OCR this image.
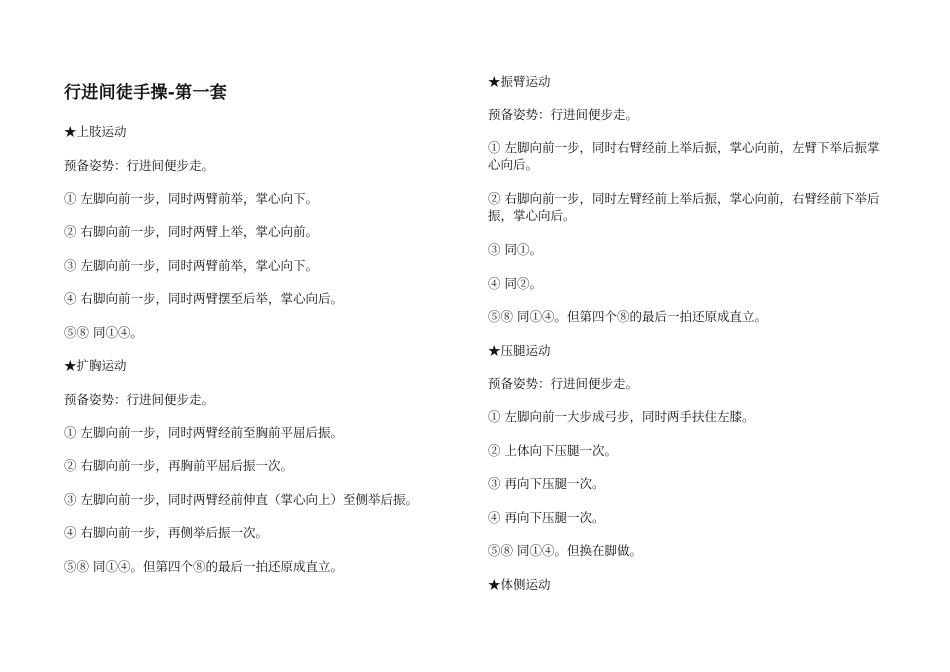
行进间徒手操-第一套

★上肢运动

预备姿势：行进间便步走。

① 左脚向前一步，同时两臂前举，掌心向下。

② 右脚向前一步，同时两臂上举，掌心向前。

③ 左脚向前一步，同时两臂前举，掌心向下。

④ 右脚向前一步，同时两臂摆至后举，掌心向后。

⑤⑧ 同①④。

★扩胸运动

预备姿势：行进间便步走。

① 左脚向前一步，同时两臂经前至胸前平屈后振。

② 右脚向前一步，再胸前平屈后振一次。

③ 左脚向前一步，同时两臂经前伸直（掌心向上）至侧举后振。

④ 右脚向前一步，再侧举后振一次。

⑤⑧ 同①④。但第四个⑧的最后一拍还原成直立。

★振臂运动

预备姿势：行进间便步走。

① 左脚向前一步，同时右臂经前上举后振，掌心向前，左臂下举后振掌心向后。

② 右脚向前一步，同时左臂经前上举后振，掌心向前，右臂经前下举后振，掌心向后。

③ 同①。

④ 同②。

⑤⑧ 同①④。但第四个⑧的最后一拍还原成直立。

★压腿运动

预备姿势：行进间便步走。

① 左脚向前一大步成弓步，同时两手扶住左膝。

② 上体向下压腿一次。

③ 再向下压腿一次。

④ 再向下压腿一次。

⑤⑧ 同①④。但换在脚做。

★体侧运动
